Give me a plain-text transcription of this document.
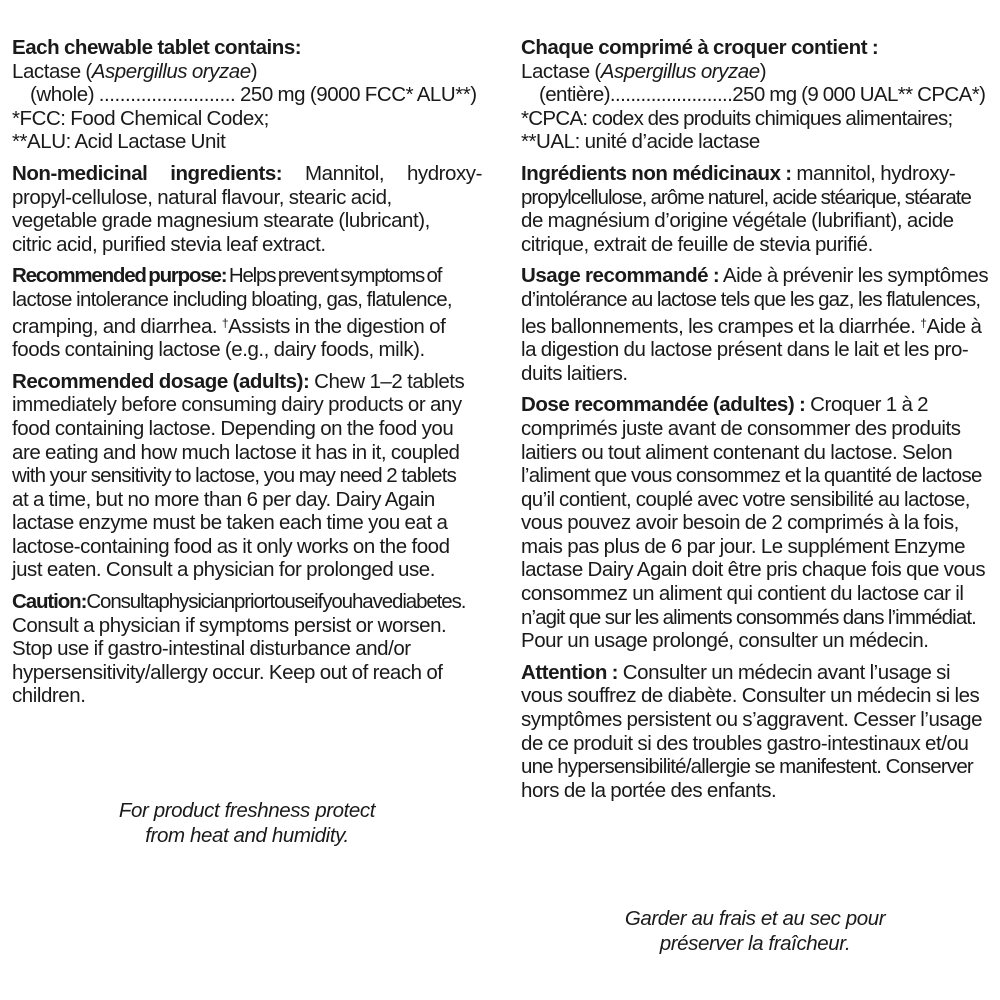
Each chewable tablet contains:
Lactase (Aspergillus oryzae)
(whole) .......................... 250 mg (9000 FCC* ALU**)
*FCC: Food Chemical Codex;
**ALU: Acid Lactase Unit
Non-medicinal ingredients: Mannitol, hydroxy-
propyl-cellulose, natural flavour, stearic acid,
vegetable grade magnesium stearate (lubricant),
citric acid, purified stevia leaf extract.
Recommended purpose: Helps prevent symptoms of
lactose intolerance including bloating, gas, flatulence,
cramping, and diarrhea. †Assists in the digestion of
foods containing lactose (e.g., dairy foods, milk).
Recommended dosage (adults): Chew 1–2 tablets
immediately before consuming dairy products or any
food containing lactose. Depending on the food you
are eating and how much lactose it has in it, coupled
with your sensitivity to lactose, you may need 2 tablets
at a time, but no more than 6 per day. Dairy Again
lactase enzyme must be taken each time you eat a
lactose-containing food as it only works on the food
just eaten. Consult a physician for prolonged use.
Caution:Consultaphysicianpriortouseifyouhavediabetes.
Consult a physician if symptoms persist or worsen.
Stop use if gastro-intestinal disturbance and/or
hypersensitivity/allergy occur. Keep out of reach of
children.
For product freshness protect
from heat and humidity.
Chaque comprimé à croquer contient :
Lactase (Aspergillus oryzae)
(entière)........................250 mg (9 000 UAL** CPCA*)
*CPCA: codex des produits chimiques alimentaires;
**UAL: unité d’acide lactase
Ingrédients non médicinaux : mannitol, hydroxy-
propylcellulose, arôme naturel, acide stéarique, stéarate
de magnésium d’origine végétale (lubrifiant), acide
citrique, extrait de feuille de stevia purifié.
Usage recommandé : Aide à prévenir les symptômes
d’intolérance au lactose tels que les gaz, les flatulences,
les ballonnements, les crampes et la diarrhée. †Aide à
la digestion du lactose présent dans le lait et les pro-
duits laitiers.
Dose recommandée (adultes) : Croquer 1 à 2
comprimés juste avant de consommer des produits
laitiers ou tout aliment contenant du lactose. Selon
l’aliment que vous consommez et la quantité de lactose
qu’il contient, couplé avec votre sensibilité au lactose,
vous pouvez avoir besoin de 2 comprimés à la fois,
mais pas plus de 6 par jour. Le supplément Enzyme
lactase Dairy Again doit être pris chaque fois que vous
consommez un aliment qui contient du lactose car il
n’agit que sur les aliments consommés dans l’immédiat.
Pour un usage prolongé, consulter un médecin.
Attention : Consulter un médecin avant l’usage si
vous souffrez de diabète. Consulter un médecin si les
symptômes persistent ou s’aggravent. Cesser l’usage
de ce produit si des troubles gastro-intestinaux et/ou
une hypersensibilité/allergie se manifestent. Conserver
hors de la portée des enfants.
Garder au frais et au sec pour
préserver la fraîcheur.
